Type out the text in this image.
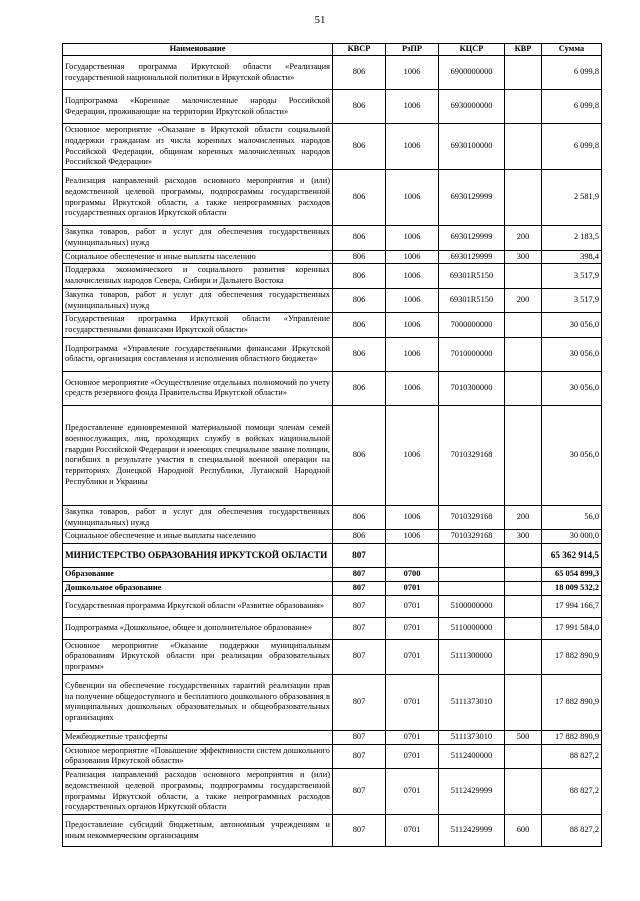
51
Наименование	КВСР	РзПР	КЦСР	КВР	Сумма
Государственная программа Иркутской области «Реализация государственной национальной политики в Иркутской области»	806	1006	6900000000		6 099,8
Подпрограмма «Коренные малочисленные народы Российской Федерации, проживающие на территории Иркутской области»	806	1006	6930000000		6 099,8
Основное мероприятие «Оказание в Иркутской области социальной поддержки гражданам из числа коренных малочисленных народов Российской Федерации, общинам коренных малочисленных народов Российской Федерации»	806	1006	6930100000		6 099,8
Реализация направлений расходов основного мероприятия и (или) ведомственной целевой программы, подпрограммы государственной программы Иркутской области, а также непрограммных расходов государственных органов Иркутской области	806	1006	6930129999		2 581,9
Закупка товаров, работ и услуг для обеспечения государственных (муниципальных) нужд	806	1006	6930129999	200	2 183,5
Социальное обеспечение и иные выплаты населению	806	1006	6930129999	300	398,4
Поддержка экономического и социального развития коренных малочисленных народов Севера, Сибири и Дальнего Востока	806	1006	69301R5150		3 517,9
Закупка товаров, работ и услуг для обеспечения государственных (муниципальных) нужд	806	1006	69301R5150	200	3 517,9
Государственная программа Иркутской области «Управление государственными финансами Иркутской области»	806	1006	7000000000		30 056,0
Подпрограмма «Управление государственными финансами Иркутской области, организация составления и исполнения областного бюджета»	806	1006	7010000000		30 056,0
Основное мероприятие «Осуществление отдельных полномочий по учету средств резервного фонда Правительства Иркутской области»	806	1006	7010300000		30 056,0
Предоставление единовременной материальной помощи членам семей военнослужащих, лиц, проходящих службу в войсках национальной гвардии Российской Федерации и имеющих специальное звание полиции, погибших в результате участия в специальной военной операции на территориях Донецкой Народной Республики, Луганской Народной Республики и Украины	806	1006	7010329168		30 056,0
Закупка товаров, работ и услуг для обеспечения государственных (муниципальных) нужд	806	1006	7010329168	200	56,0
Социальное обеспечение и иные выплаты населению	806	1006	7010329168	300	30 000,0
МИНИСТЕРСТВО ОБРАЗОВАНИЯ ИРКУТСКОЙ ОБЛАСТИ	807				65 362 914,5
Образование	807	0700			65 054 899,3
Дошкольное образование	807	0701			18 009 532,2
Государственная программа Иркутской области «Развитие образования»	807	0701	5100000000		17 994 166,7
Подпрограмма «Дошкольное, общее и дополнительное образование»	807	0701	5110000000		17 991 584,0
Основное мероприятие «Оказание поддержки муниципальным образованиям Иркутской области при реализации образовательных программ»	807	0701	5111300000		17 882 890,9
Субвенции на обеспечение государственных гарантий реализации прав на получение общедоступного и бесплатного дошкольного образования в муниципальных дошкольных образовательных и общеобразовательных организациях	807	0701	5111373010		17 882 890,9
Межбюджетные трансферты	807	0701	5111373010	500	17 882 890,9
Основное мероприятие «Повышение эффективности систем дошкольного образования Иркутской области»	807	0701	5112400000		88 827,2
Реализация направлений расходов основного мероприятия и (или) ведомственной целевой программы, подпрограммы государственной программы Иркутской области, а также непрограммных расходов государственных органов Иркутской области	807	0701	5112429999		88 827,2
Предоставление субсидий бюджетным, автономным учреждениям и иным некоммерческим организациям	807	0701	5112429999	600	88 827,2
